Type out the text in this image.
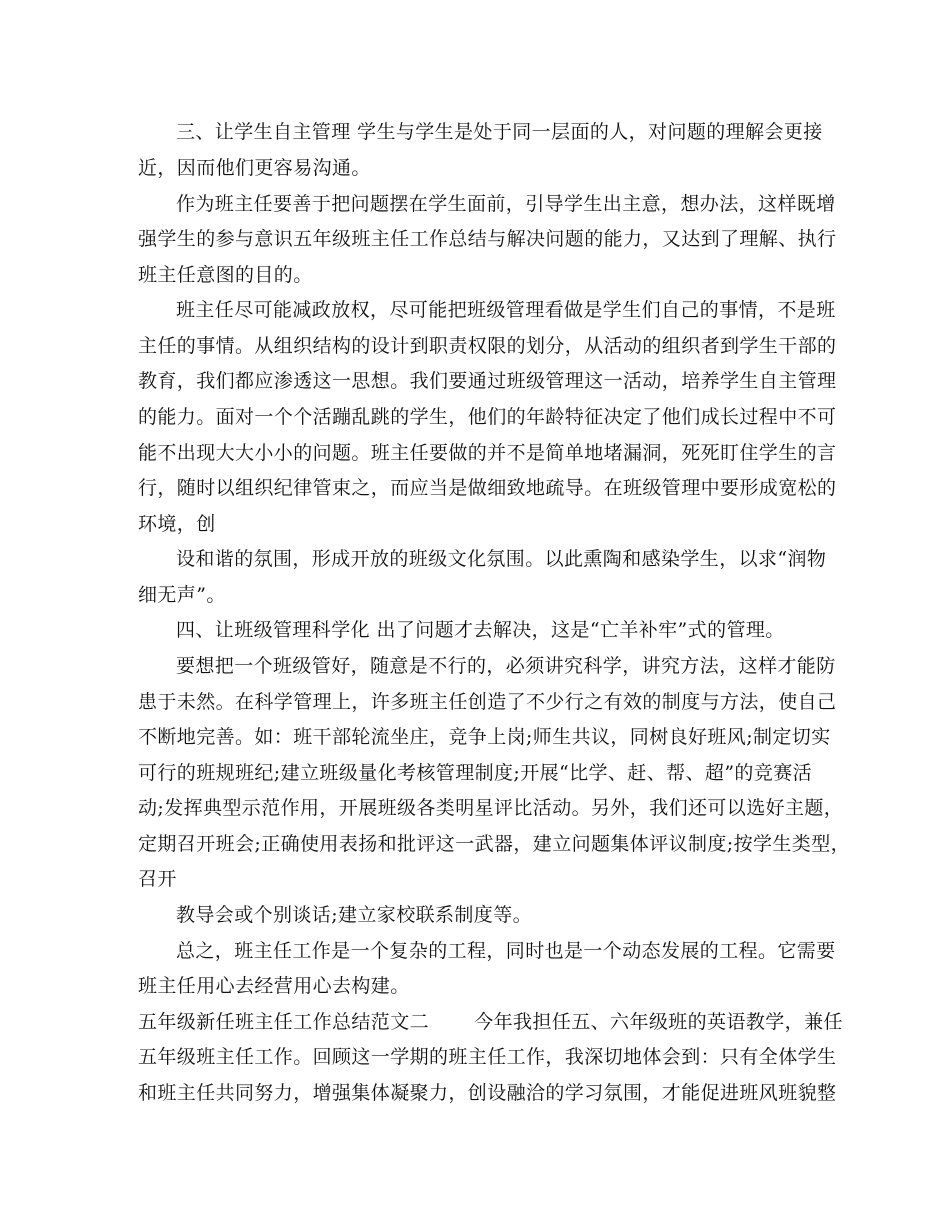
三、让学生自主管理 学生与学生是处于同一层面的人，对问题的理解会更接
近，因而他们更容易沟通。
作为班主任要善于把问题摆在学生面前，引导学生出主意，想办法，这样既增
强学生的参与意识五年级班主任工作总结与解决问题的能力，又达到了理解、执行
班主任意图的目的。
班主任尽可能减政放权，尽可能把班级管理看做是学生们自己的事情，不是班
主任的事情。从组织结构的设计到职责权限的划分，从活动的组织者到学生干部的
教育，我们都应渗透这一思想。我们要通过班级管理这一活动，培养学生自主管理
的能力。面对一个个活蹦乱跳的学生，他们的年龄特征决定了他们成长过程中不可
能不出现大大小小的问题。班主任要做的并不是简单地堵漏洞，死死盯住学生的言
行，随时以组织纪律管束之，而应当是做细致地疏导。在班级管理中要形成宽松的
环境，创
设和谐的氛围，形成开放的班级文化氛围。以此熏陶和感染学生，以求“润物
细无声”。
四、让班级管理科学化 出了问题才去解决，这是“亡羊补牢”式的管理。
要想把一个班级管好，随意是不行的，必须讲究科学，讲究方法，这样才能防
患于未然。在科学管理上，许多班主任创造了不少行之有效的制度与方法，使自己
不断地完善。如：班干部轮流坐庄，竞争上岗;师生共议，同树良好班风;制定切实
可行的班规班纪;建立班级量化考核管理制度;开展“比学、赶、帮、超”的竞赛活
动;发挥典型示范作用，开展班级各类明星评比活动。另外，我们还可以选好主题，
定期召开班会;正确使用表扬和批评这一武器，建立问题集体评议制度;按学生类型，
召开
教导会或个别谈话;建立家校联系制度等。
总之，班主任工作是一个复杂的工程，同时也是一个动态发展的工程。它需要
班主任用心去经营用心去构建。
五年级新任班主任工作总结范文二 　　今年我担任五、六年级班的英语教学，兼任
五年级班主任工作。回顾这一学期的班主任工作，我深切地体会到：只有全体学生
和班主任共同努力，增强集体凝聚力，创设融洽的学习氛围，才能促进班风班貌整
